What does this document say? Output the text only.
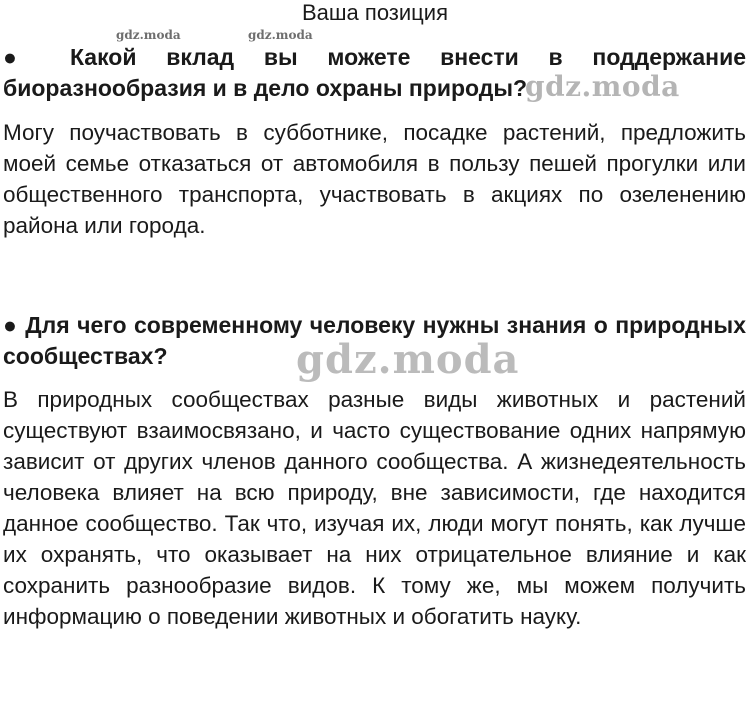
Ваша позиция
● Какой вклад вы можете внести в поддержание биоразнообразия и в дело охраны природы?
Могу поучаствовать в субботнике, посадке растений, предложить моей семье отказаться от автомобиля в пользу пешей прогулки или общественного транспорта, участвовать в акциях по озеленению района или города.
● Для чего современному человеку нужны знания о природных сообществах?
В природных сообществах разные виды животных и растений существуют взаимосвязано, и часто существование одних напрямую зависит от других членов данного сообщества. А жизнедеятельность человека влияет на всю природу, вне зависимости, где находится данное сообщество. Так что, изучая их, люди могут понять, как лучше их охранять, что оказывает на них отрицательное влияние и как сохранить разнообразие видов. К тому же, мы можем получить информацию о поведении животных и обогатить науку.
gdz.moda	gdz.moda
gdz.moda
gdz.moda
